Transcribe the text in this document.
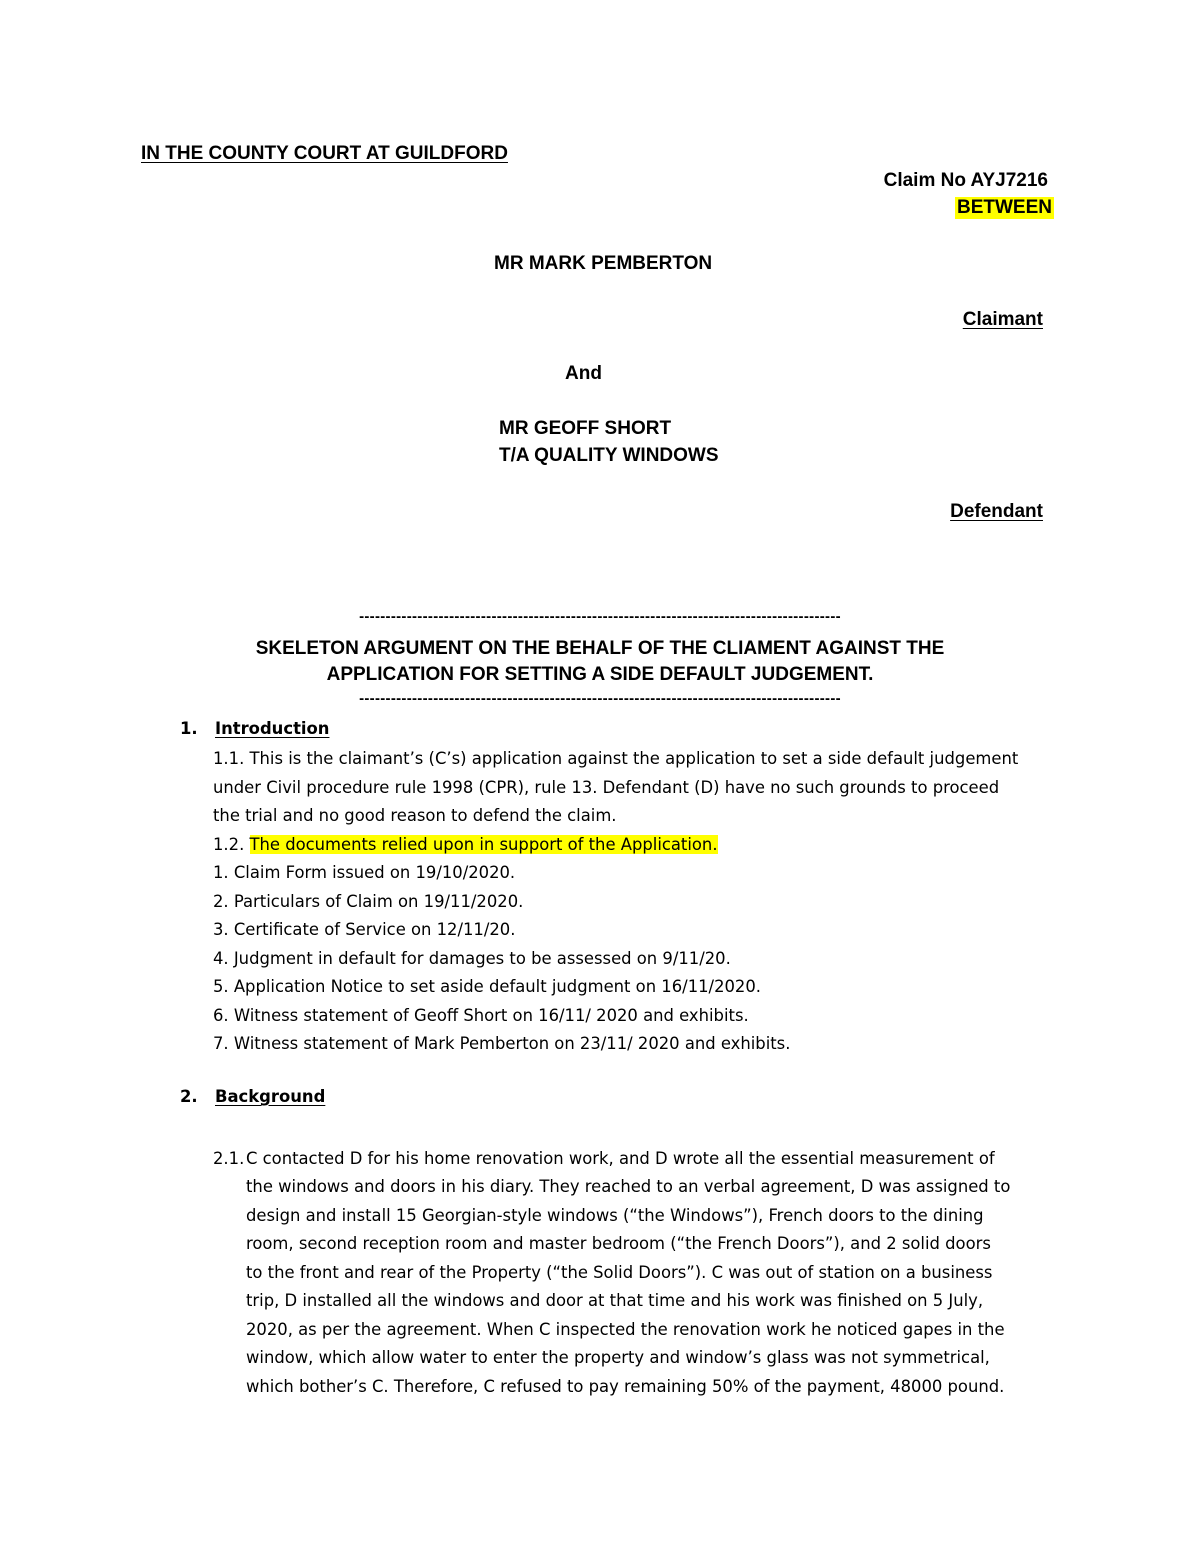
IN THE COUNTY COURT AT GUILDFORD
Claim No AYJ7216
BETWEEN
MR MARK PEMBERTON
Claimant
And
MR GEOFF SHORT
T/A QUALITY WINDOWS
Defendant
-------------------------------------------------------------------------------------------
SKELETON ARGUMENT ON THE BEHALF OF THE CLIAMENT AGAINST THE
APPLICATION FOR SETTING A SIDE DEFAULT JUDGEMENT.
-------------------------------------------------------------------------------------------
1. Introduction
1.1. This is the claimant’s (C’s) application against the application to set a side default judgement
under Civil procedure rule 1998 (CPR), rule 13. Defendant (D) have no such grounds to proceed
the trial and no good reason to defend the claim.
1.2. The documents relied upon in support of the Application.
1. Claim Form issued on 19/10/2020.
2. Particulars of Claim on 19/11/2020.
3. Certificate of Service on 12/11/20.
4. Judgment in default for damages to be assessed on 9/11/20.
5. Application Notice to set aside default judgment on 16/11/2020.
6. Witness statement of Geoff Short on 16/11/ 2020 and exhibits.
7. Witness statement of Mark Pemberton on 23/11/ 2020 and exhibits.
2. Background
2.1. C contacted D for his home renovation work, and D wrote all the essential measurement of
the windows and doors in his diary. They reached to an verbal agreement, D was assigned to
design and install 15 Georgian-style windows (“the Windows”), French doors to the dining
room, second reception room and master bedroom (“the French Doors”), and 2 solid doors
to the front and rear of the Property (“the Solid Doors”). C was out of station on a business
trip, D installed all the windows and door at that time and his work was finished on 5 July,
2020, as per the agreement. When C inspected the renovation work he noticed gapes in the
window, which allow water to enter the property and window’s glass was not symmetrical,
which bother’s C. Therefore, C refused to pay remaining 50% of the payment, 48000 pound.
